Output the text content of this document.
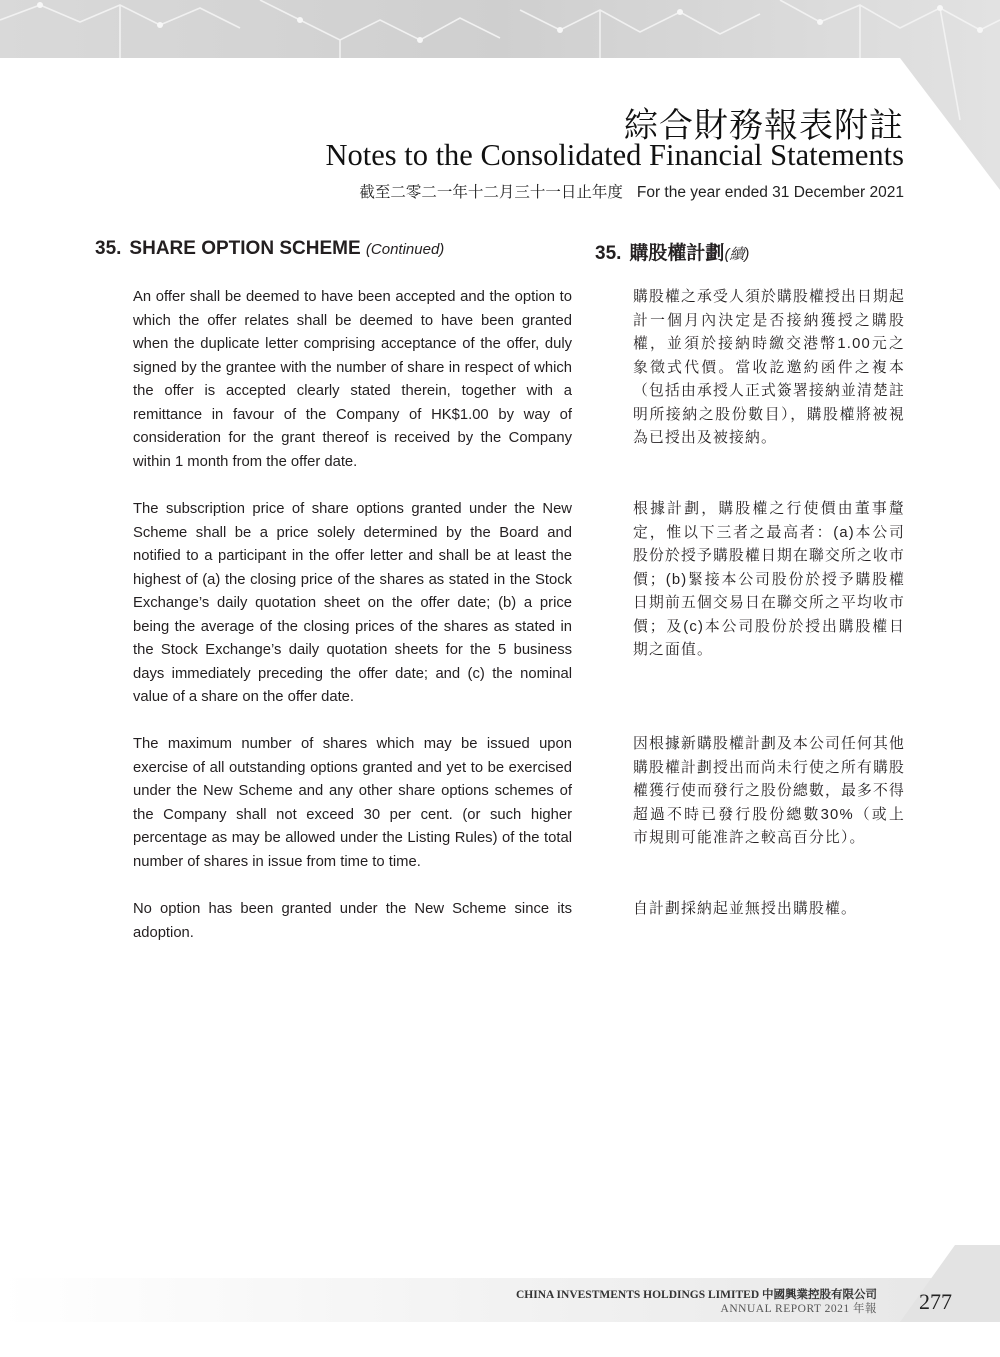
綜合財務報表附註
Notes to the Consolidated Financial Statements
截至二零二一年十二月三十一日止年度 For the year ended 31 December 2021
35. SHARE OPTION SCHEME (Continued)	35. 購股權計劃(續)
An offer shall be deemed to have been accepted and the option to which the offer relates shall be deemed to have been granted when the duplicate letter comprising acceptance of the offer, duly signed by the grantee with the number of share in respect of which the offer is accepted clearly stated therein, together with a remittance in favour of the Company of HK$1.00 by way of consideration for the grant thereof is received by the Company within 1 month from the offer date.
The subscription price of share options granted under the New Scheme shall be a price solely determined by the Board and notified to a participant in the offer letter and shall be at least the highest of (a) the closing price of the shares as stated in the Stock Exchange’s daily quotation sheet on the offer date; (b) a price being the average of the closing prices of the shares as stated in the Stock Exchange’s daily quotation sheets for the 5 business days immediately preceding the offer date; and (c) the nominal value of a share on the offer date.
The maximum number of shares which may be issued upon exercise of all outstanding options granted and yet to be exercised under the New Scheme and any other share options schemes of the Company shall not exceed 30 per cent. (or such higher percentage as may be allowed under the Listing Rules) of the total number of shares in issue from time to time.
No option has been granted under the New Scheme since its adoption.
購股權之承受人須於購股權授出日期起計一個月內決定是否接納獲授之購股權，並須於接納時繳交港幣1.00元之象徵式代價。當收訖邀約函件之複本（包括由承授人正式簽署接納並清楚註明所接納之股份數目），購股權將被視為已授出及被接納。
根據計劃，購股權之行使價由董事釐定，惟以下三者之最高者：(a)本公司股份於授予購股權日期在聯交所之收市價；(b)緊接本公司股份於授予購股權日期前五個交易日在聯交所之平均收市價；及(c)本公司股份於授出購股權日期之面值。
因根據新購股權計劃及本公司任何其他購股權計劃授出而尚未行使之所有購股權獲行使而發行之股份總數，最多不得超過不時已發行股份總數30%（或上市規則可能准許之較高百分比）。
自計劃採納起並無授出購股權。
CHINA INVESTMENTS HOLDINGS LIMITED 中國興業控股有限公司
ANNUAL REPORT 2021 年報 277
